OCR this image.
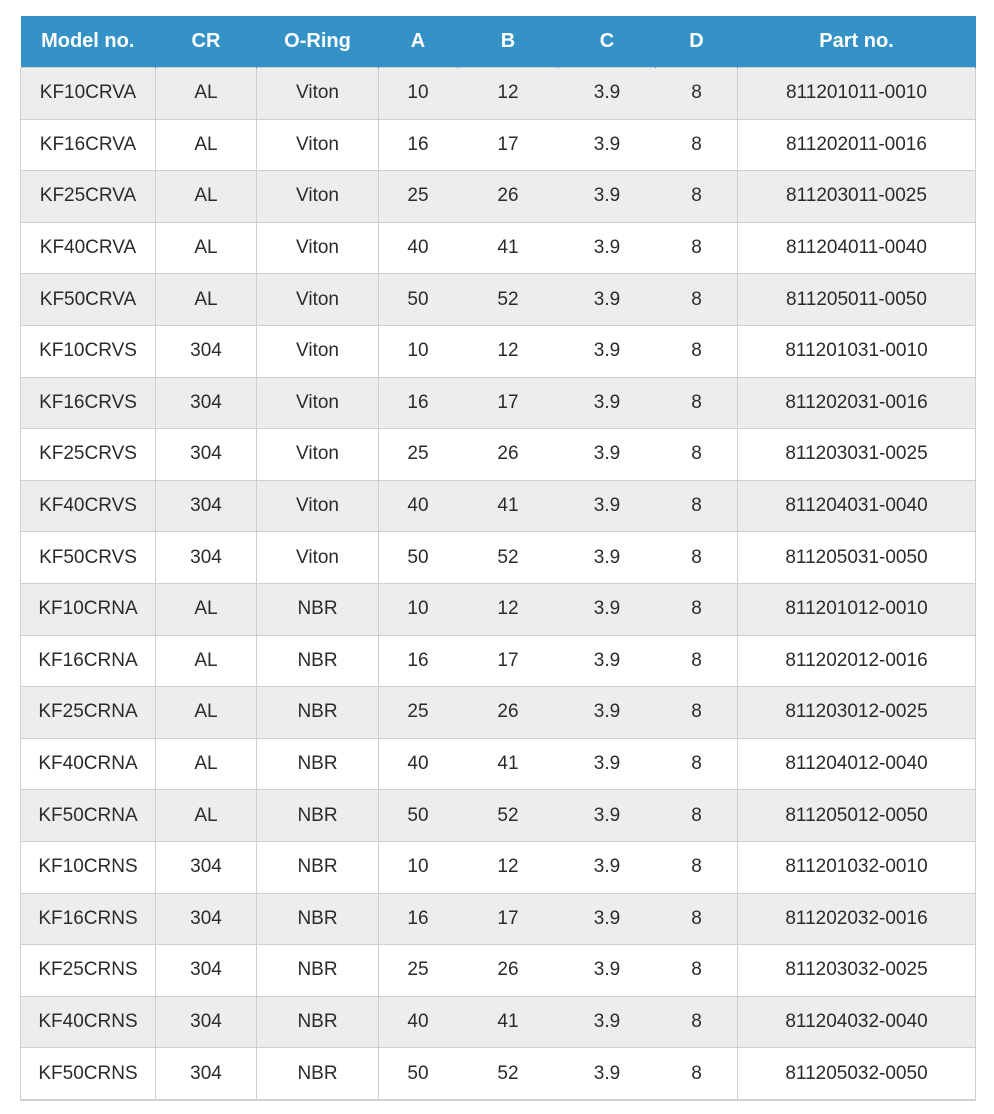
Model no.	CR	O-Ring	A	B	C	D	Part no.
KF10CRVA	AL	Viton	10	12	3.9	8	811201011-0010
KF16CRVA	AL	Viton	16	17	3.9	8	811202011-0016
KF25CRVA	AL	Viton	25	26	3.9	8	811203011-0025
KF40CRVA	AL	Viton	40	41	3.9	8	811204011-0040
KF50CRVA	AL	Viton	50	52	3.9	8	811205011-0050
KF10CRVS	304	Viton	10	12	3.9	8	811201031-0010
KF16CRVS	304	Viton	16	17	3.9	8	811202031-0016
KF25CRVS	304	Viton	25	26	3.9	8	811203031-0025
KF40CRVS	304	Viton	40	41	3.9	8	811204031-0040
KF50CRVS	304	Viton	50	52	3.9	8	811205031-0050
KF10CRNA	AL	NBR	10	12	3.9	8	811201012-0010
KF16CRNA	AL	NBR	16	17	3.9	8	811202012-0016
KF25CRNA	AL	NBR	25	26	3.9	8	811203012-0025
KF40CRNA	AL	NBR	40	41	3.9	8	811204012-0040
KF50CRNA	AL	NBR	50	52	3.9	8	811205012-0050
KF10CRNS	304	NBR	10	12	3.9	8	811201032-0010
KF16CRNS	304	NBR	16	17	3.9	8	811202032-0016
KF25CRNS	304	NBR	25	26	3.9	8	811203032-0025
KF40CRNS	304	NBR	40	41	3.9	8	811204032-0040
KF50CRNS	304	NBR	50	52	3.9	8	811205032-0050
